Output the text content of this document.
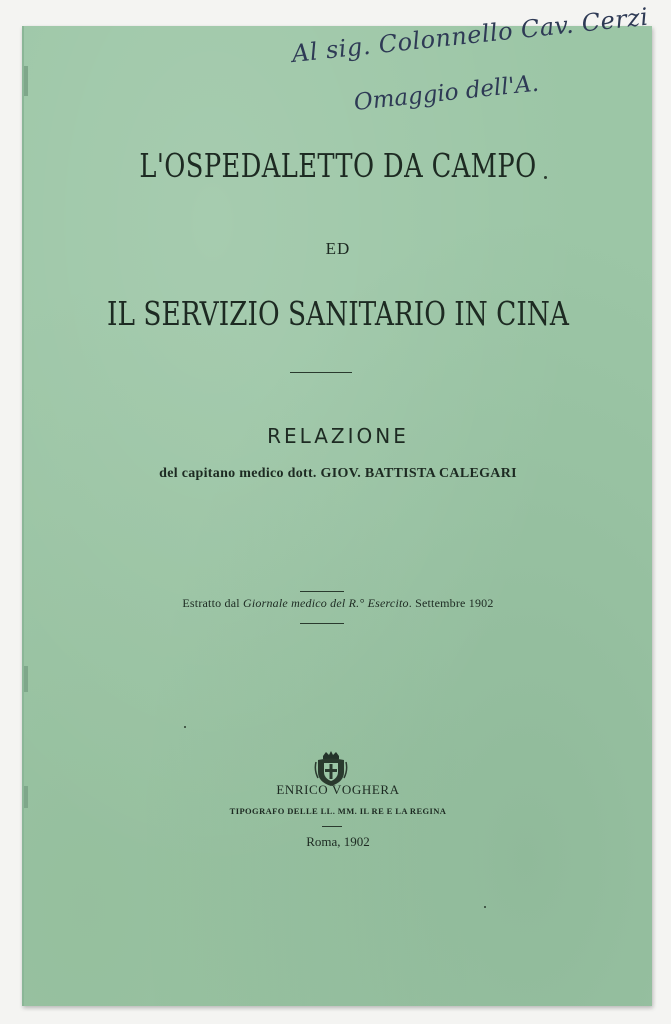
Al sig. Colonnello Cav. Cerzi
Omaggio dell'A.
L'OSPEDALETTO DA CAMPO
ED
IL SERVIZIO SANITARIO IN CINA
RELAZIONE
del capitano medico dott. GIOV. BATTISTA CALEGARI
Estratto dal Giornale medico del R.° Esercito. Settembre 1902
ENRICO VOGHERA
TIPOGRAFO DELLE LL. MM. IL RE E LA REGINA
Roma, 1902
